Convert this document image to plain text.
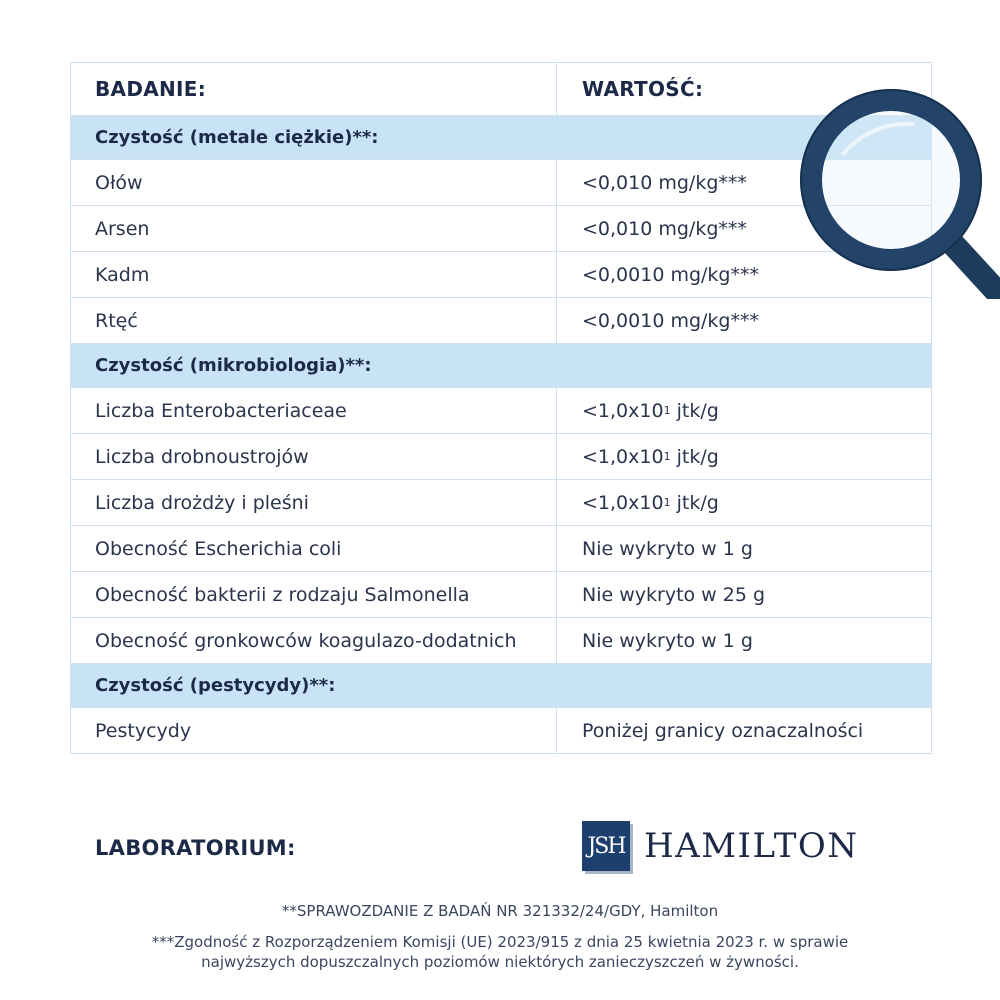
BADANIE:	WARTOŚĆ:
Czystość (metale ciężkie)**:
Ołów	<0,010 mg/kg***
Arsen	<0,010 mg/kg***
Kadm	<0,0010 mg/kg***
Rtęć	<0,0010 mg/kg***
Czystość (mikrobiologia)**:
Liczba Enterobacteriaceae	<1,0x10 1 jtk/g
Liczba drobnoustrojów	<1,0x10 1 jtk/g
Liczba drożdży i pleśni	<1,0x10 1 jtk/g
Obecność Escherichia coli	Nie wykryto w 1 g
Obecność bakterii z rodzaju Salmonella	Nie wykryto w 25 g
Obecność gronkowców koagulazo-dodatnich	Nie wykryto w 1 g
Czystość (pestycydy)**:
Pestycydy	Poniżej granicy oznaczalności
LABORATORIUM:	JSH HAMILTON
**SPRAWOZDANIE Z BADAŃ NR 321332/24/GDY, Hamilton
***Zgodność z Rozporządzeniem Komisji (UE) 2023/915 z dnia 25 kwietnia 2023 r. w sprawie
najwyższych dopuszczalnych poziomów niektórych zanieczyszczeń w żywności.
